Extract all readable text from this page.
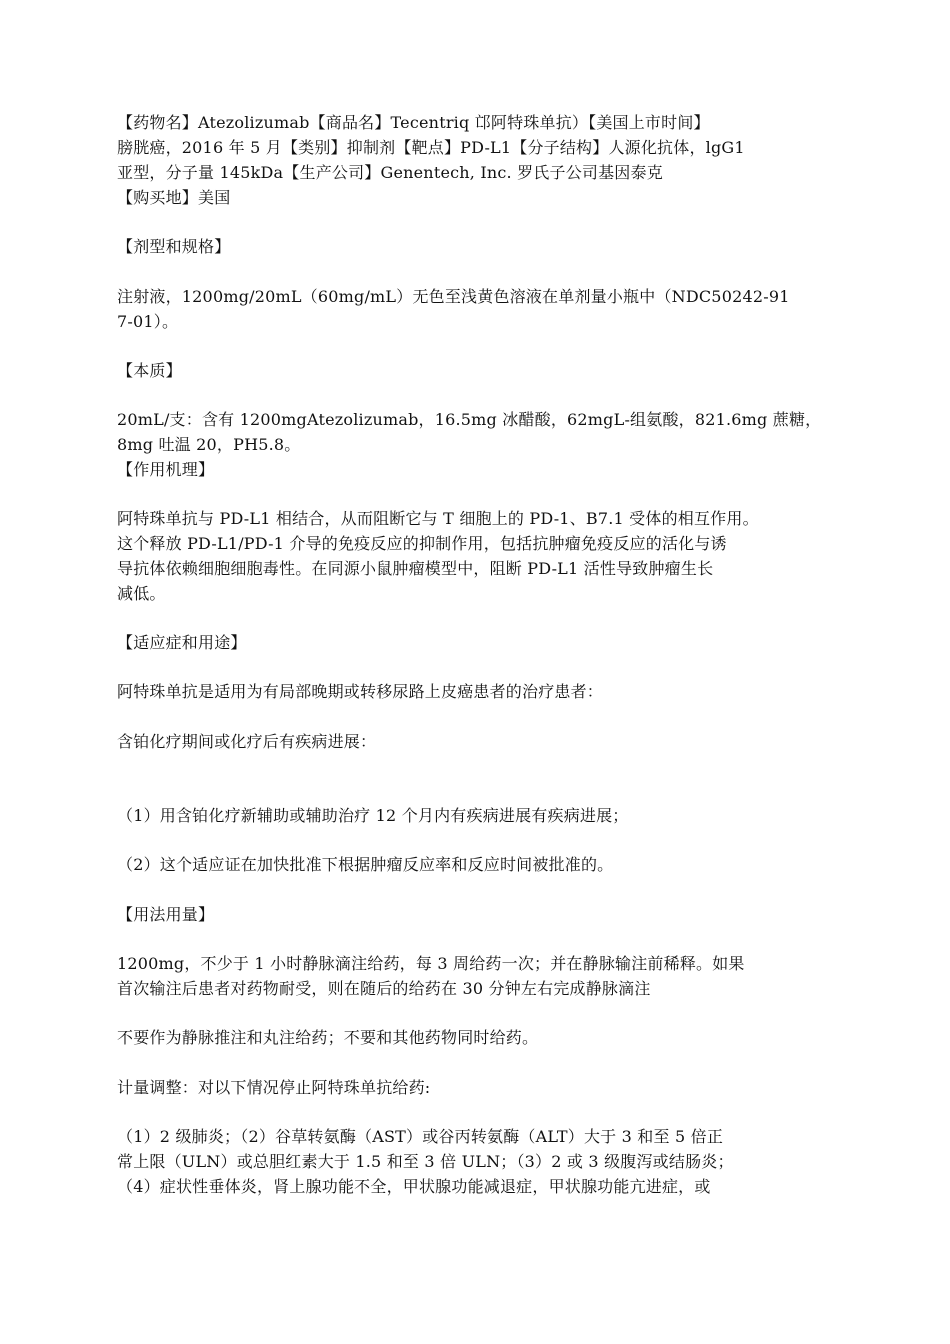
【药物名】Atezolizumab【商品名】Tecentriq 邙阿特珠单抗）【美国上市时间】
膀胱癌，2016 年 5 月【类别】抑制剂【靶点】PD-L1【分子结构】人源化抗体，lgG1
亚型，分子量 145kDa【生产公司】Genentech, Inc. 罗氏子公司基因泰克
【购买地】美国
【剂型和规格】
注射液，1200mg/20mL（60mg/mL）无色至浅黄色溶液在单剂量小瓶中（NDC50242-91
7-01）。
【本质】
20mL/支：含有 1200mgAtezolizumab，16.5mg 冰醋酸，62mgL-组氨酸，821.6mg 蔗糖，
8mg 吐温 20，PH5.8。
【作用机理】
阿特珠单抗与 PD-L1 相结合，从而阻断它与 T 细胞上的 PD-1、B7.1 受体的相互作用。
这个释放 PD-L1/PD-1 介导的免疫反应的抑制作用，包括抗肿瘤免疫反应的活化与诱
导抗体依赖细胞细胞毒性。在同源小鼠肿瘤模型中，阻断 PD-L1 活性导致肿瘤生长
减低。
【适应症和用途】
阿特珠单抗是适用为有局部晚期或转移尿路上皮癌患者的治疗患者：
含铂化疗期间或化疗后有疾病进展：
（1）用含铂化疗新辅助或辅助治疗 12 个月内有疾病进展有疾病进展；
（2）这个适应证在加快批准下根据肿瘤反应率和反应时间被批准的。
【用法用量】
1200mg，不少于 1 小时静脉滴注给药，每 3 周给药一次；并在静脉输注前稀释。如果
首次输注后患者对药物耐受，则在随后的给药在 30 分钟左右完成静脉滴注
不要作为静脉推注和丸注给药；不要和其他药物同时给药。
计量调整：对以下情况停止阿特珠单抗给药:
（1）2 级肺炎；（2）谷草转氨酶（AST）或谷丙转氨酶（ALT）大于 3 和至 5 倍正
常上限（ULN）或总胆红素大于 1.5 和至 3 倍 ULN；（3）2 或 3 级腹泻或结肠炎；
（4）症状性垂体炎，肾上腺功能不全，甲状腺功能减退症，甲状腺功能亢进症，或
